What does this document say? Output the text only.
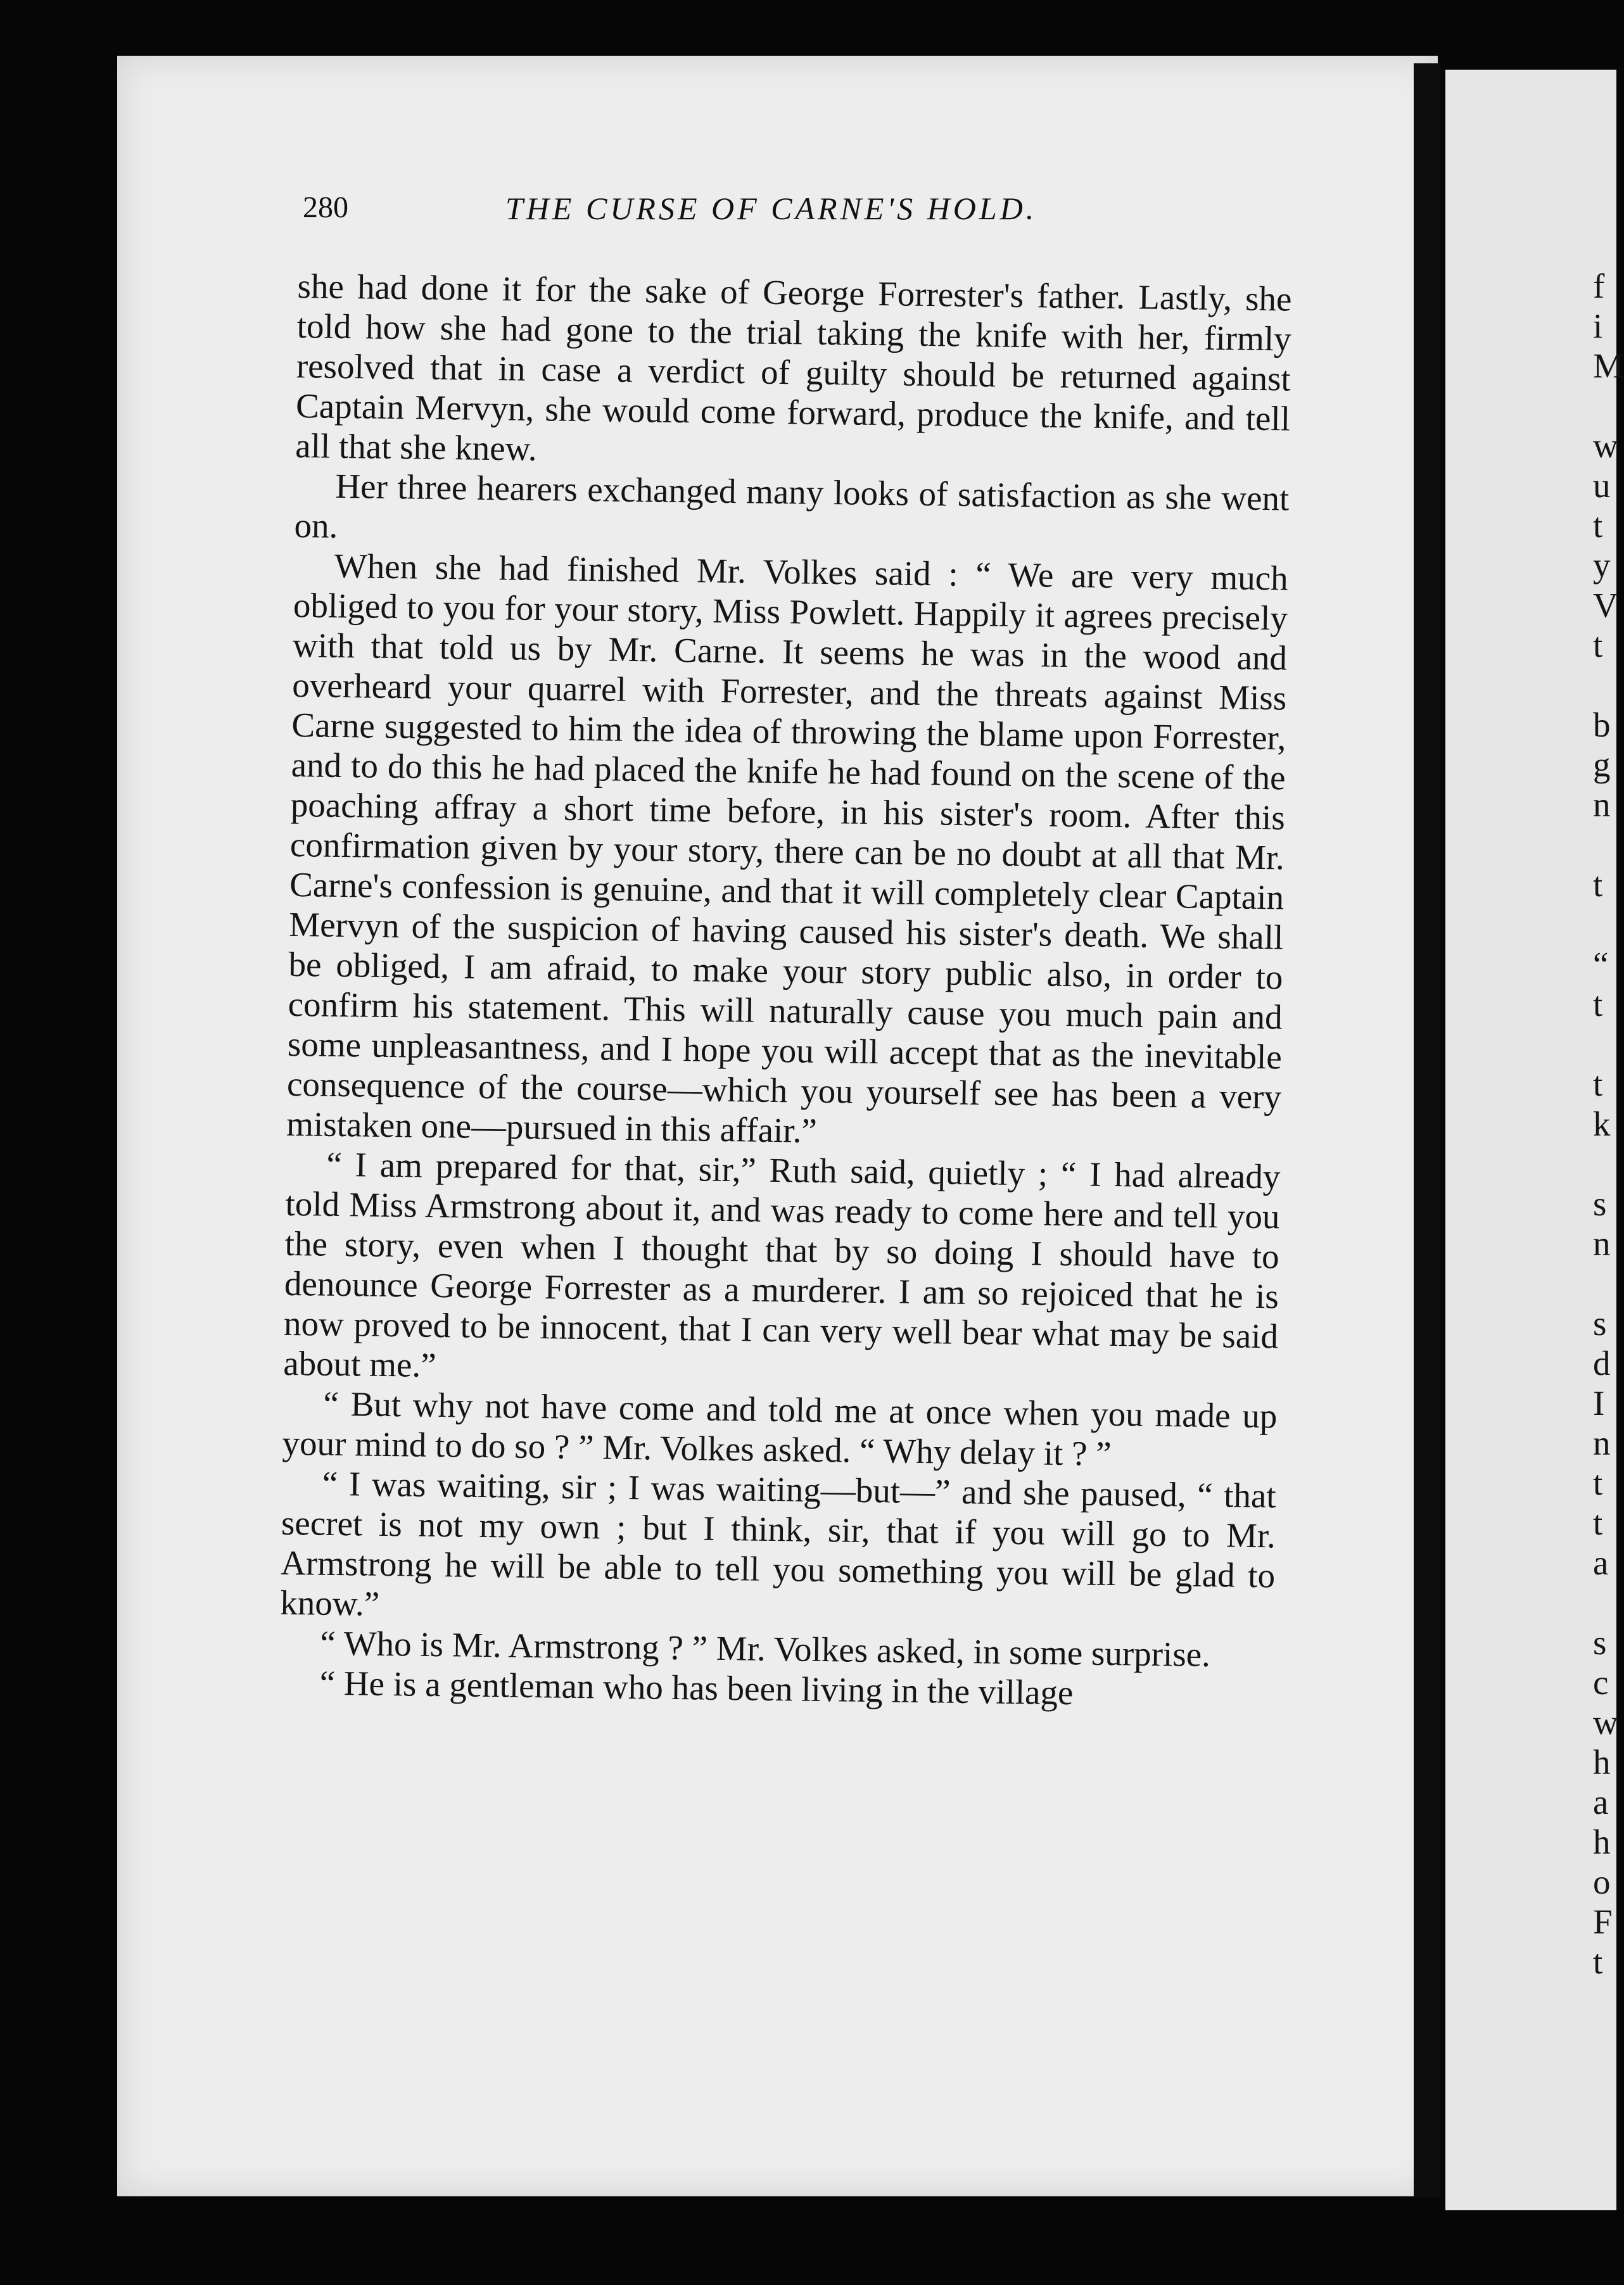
280	THE CURSE OF CARNE'S HOLD.

she had done it for the sake of George Forrester's father. Lastly, she told how she had gone to the trial taking the knife with her, firmly resolved that in case a verdict of guilty should be returned against Captain Mervyn, she would come forward, produce the knife, and tell all that she knew.

Her three hearers exchanged many looks of satisfaction as she went on.

When she had finished Mr. Volkes said : “ We are very much obliged to you for your story, Miss Powlett. Happily it agrees precisely with that told us by Mr. Carne. It seems he was in the wood and overheard your quarrel with Forrester, and the threats against Miss Carne suggested to him the idea of throwing the blame upon Forrester, and to do this he had placed the knife he had found on the scene of the poaching affray a short time before, in his sister's room. After this confirmation given by your story, there can be no doubt at all that Mr. Carne's confession is genuine, and that it will completely clear Captain Mervyn of the suspicion of having caused his sister's death. We shall be obliged, I am afraid, to make your story public also, in order to confirm his statement. This will naturally cause you much pain and some unpleasantness, and I hope you will accept that as the inevitable consequence of the course—which you yourself see has been a very mistaken one—pursued in this affair.”

“ I am prepared for that, sir,” Ruth said, quietly ; “ I had already told Miss Armstrong about it, and was ready to come here and tell you the story, even when I thought that by so doing I should have to denounce George Forrester as a murderer. I am so rejoiced that he is now proved to be innocent, that I can very well bear what may be said about me.”

“ But why not have come and told me at once when you made up your mind to do so ? ” Mr. Volkes asked. “ Why delay it ? ”

“ I was waiting, sir ; I was waiting—but—” and she paused, “ that secret is not my own ; but I think, sir, that if you will go to Mr. Armstrong he will be able to tell you something you will be glad to know.”

“ Who is Mr. Armstrong ? ” Mr. Volkes asked, in some surprise.

“ He is a gentleman who has been living in the village

f
i
M
w
u
t
y
V
t
b
g
n
t
“
t
t
k
s
n
s
d
I
n
t
t
a
s
c
w
h
a
h
o
F
t
